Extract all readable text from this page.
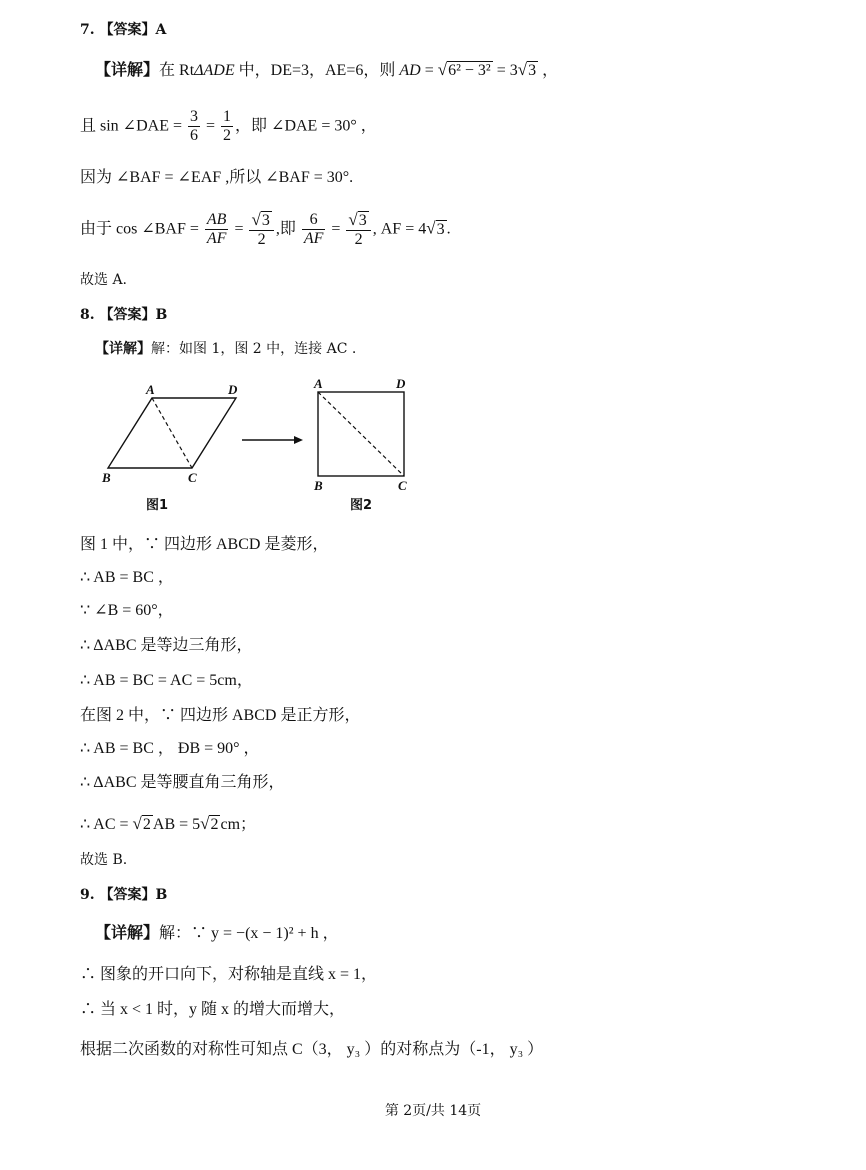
7. 【答案】A
【详解】在 RtΔADE 中，DE=3，AE=6，则 AD = √6² − 3² = 3√3 ，
且 sin ∠DAE = $\frac{3}{6} = \frac{1}{2}$ ，即 ∠DAE = 30° ，
因为 ∠BAF = ∠EAF ,所以 ∠BAF = 30°.
由于 cos ∠BAF = $\frac{AB}{AF} = \frac{√3}{2}$ ,即 $\frac{6}{AF} = \frac{√3}{2}$ , AF = 4√3 .
故选 A.
8. 【答案】B
【详解】解：如图 1，图 2 中，连接 AC .
A	D
B	C
图1
A	D
B	C
图2
图 1 中，∵ 四边形 ABCD 是菱形，
∴ AB = BC ，
∵ ∠B = 60°，
∴ ΔABC 是等边三角形，
∴ AB = BC = AC = 5cm，
在图 2 中，∵ 四边形 ABCD 是正方形，
∴ AB = BC ， ÐB = 90° ，
∴ ΔABC 是等腰直角三角形，
∴ AC = √2 AB = 5√2 cm；
故选 B.
9. 【答案】B
【详解】解：∵ y = −(x − 1)² + h ，
∴ 图象的开口向下，对称轴是直线 x = 1，
∴ 当 x < 1 时，y 随 x 的增大而增大，
根据二次函数的对称性可知点 C（3， y₃ ）的对称点为（-1， y₃ ）
第 2页/共 14页
